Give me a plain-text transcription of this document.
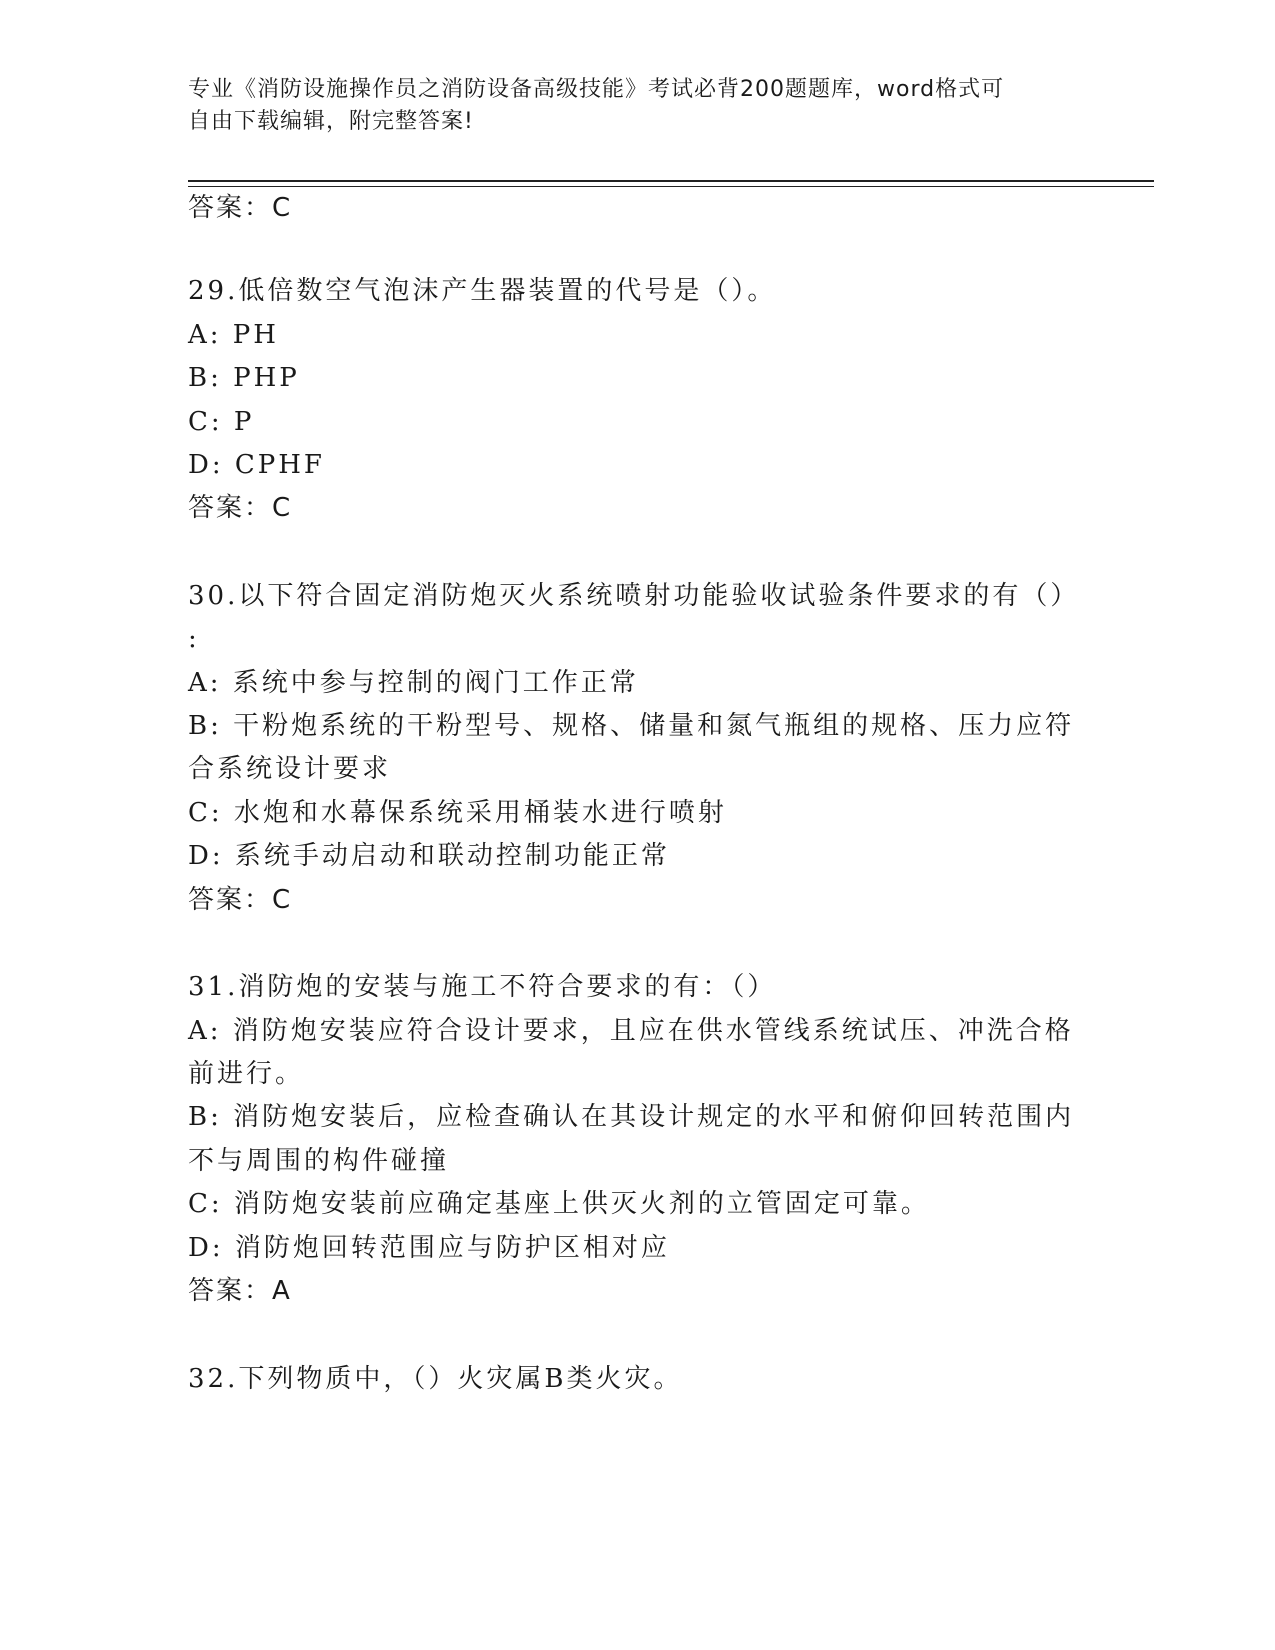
专业《消防设施操作员之消防设备高级技能》考试必背200题题库，word格式可
自由下载编辑，附完整答案!
答案：C
29.低倍数空气泡沫产生器装置的代号是（）。
A: PH
B: PHP
C: P
D: CPHF
答案：C
30.以下符合固定消防炮灭火系统喷射功能验收试验条件要求的有（）
:
A: 系统中参与控制的阀门工作正常
B: 干粉炮系统的干粉型号、规格、储量和氮气瓶组的规格、压力应符
合系统设计要求
C: 水炮和水幕保系统采用桶装水进行喷射
D: 系统手动启动和联动控制功能正常
答案：C
31.消防炮的安装与施工不符合要求的有：（）
A: 消防炮安装应符合设计要求，且应在供水管线系统试压、冲洗合格
前进行。
B: 消防炮安装后，应检查确认在其设计规定的水平和俯仰回转范围内
不与周围的构件碰撞
C: 消防炮安装前应确定基座上供灭火剂的立管固定可靠。
D: 消防炮回转范围应与防护区相对应
答案：A
32.下列物质中，（）火灾属B类火灾。
